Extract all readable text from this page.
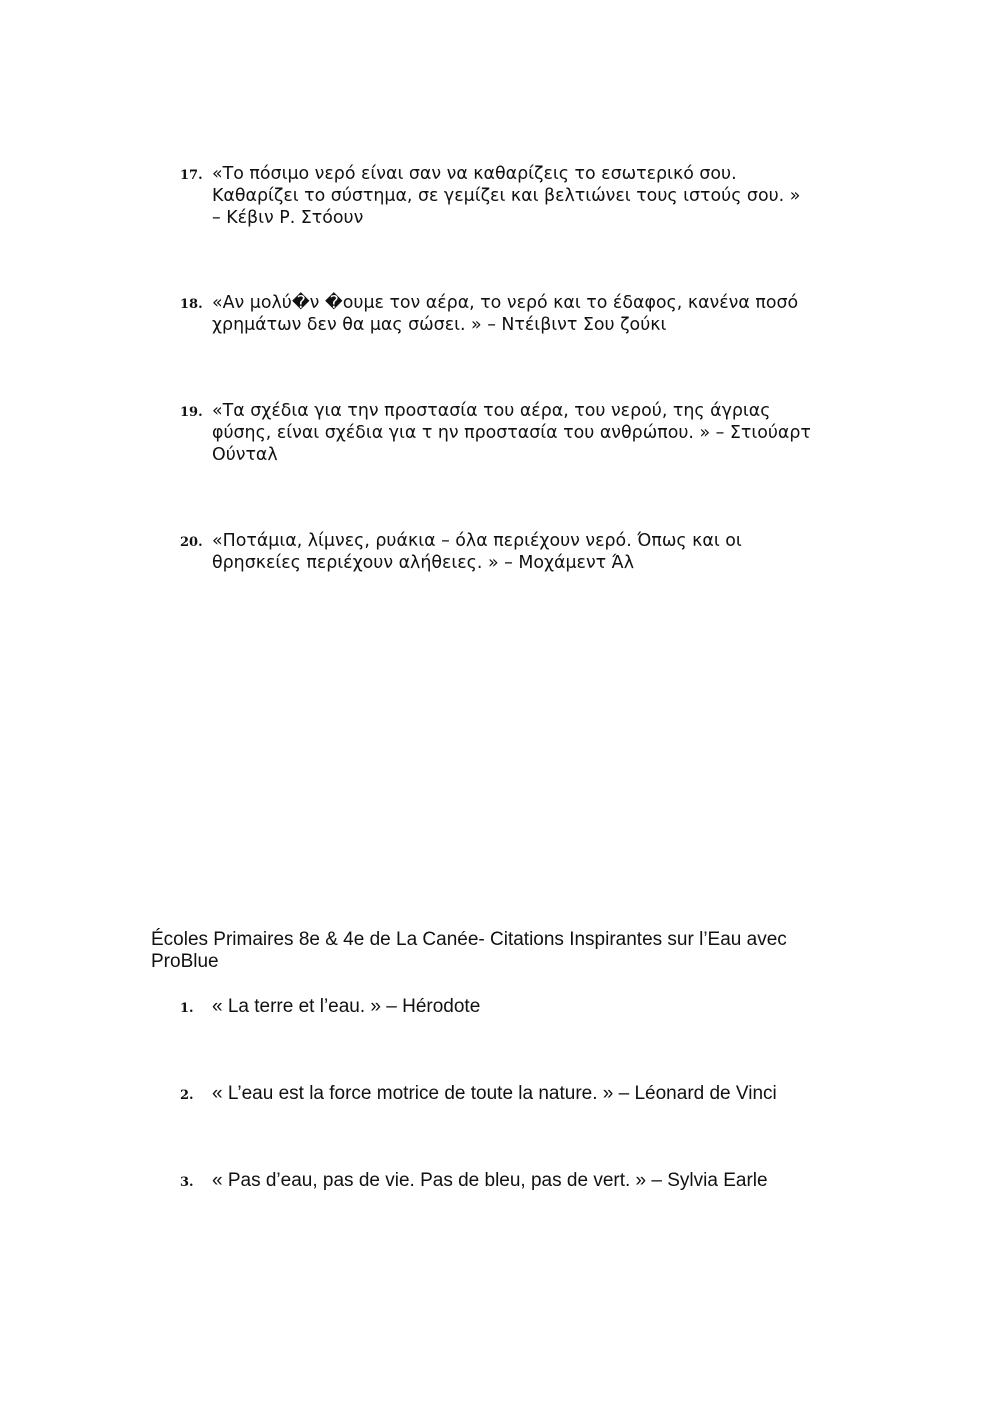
17. «Το πόσιμο νερό είναι σαν να καθαρίζεις το εσωτερικό σου.
Καθαρίζει το σύστημα, σε γεμίζει και βελτιώνει τους ιστούς σου. »
– Κέβιν Ρ. Στόουν
18. «Αν μολύ�ν �ουμε τον αέρα, το νερό και το έδαφος, κανένα ποσό
χρημάτων δεν θα μας σώσει. » – Ντέιβιντ Σου ζούκι
19. «Τα σχέδια για την προστασία του αέρα, του νερού, της άγριας
φύσης, είναι σχέδια για τ ην προστασία του ανθρώπου. » – Στιούαρτ
Ούνταλ
20. «Ποτάμια, λίμνες, ρυάκια – όλα περιέχουν νερό. Όπως και οι
θρησκείες περιέχουν αλήθειες. » – Μοχάμεντ Άλ
Écoles Primaires 8e & 4e de La Canée- Citations Inspirantes sur l’Eau avec
ProBlue
1. « La terre et l’eau. » – Hérodote
2. « L’eau est la force motrice de toute la nature. » – Léonard de Vinci
3. « Pas d’eau, pas de vie. Pas de bleu, pas de vert. » – Sylvia Earle
